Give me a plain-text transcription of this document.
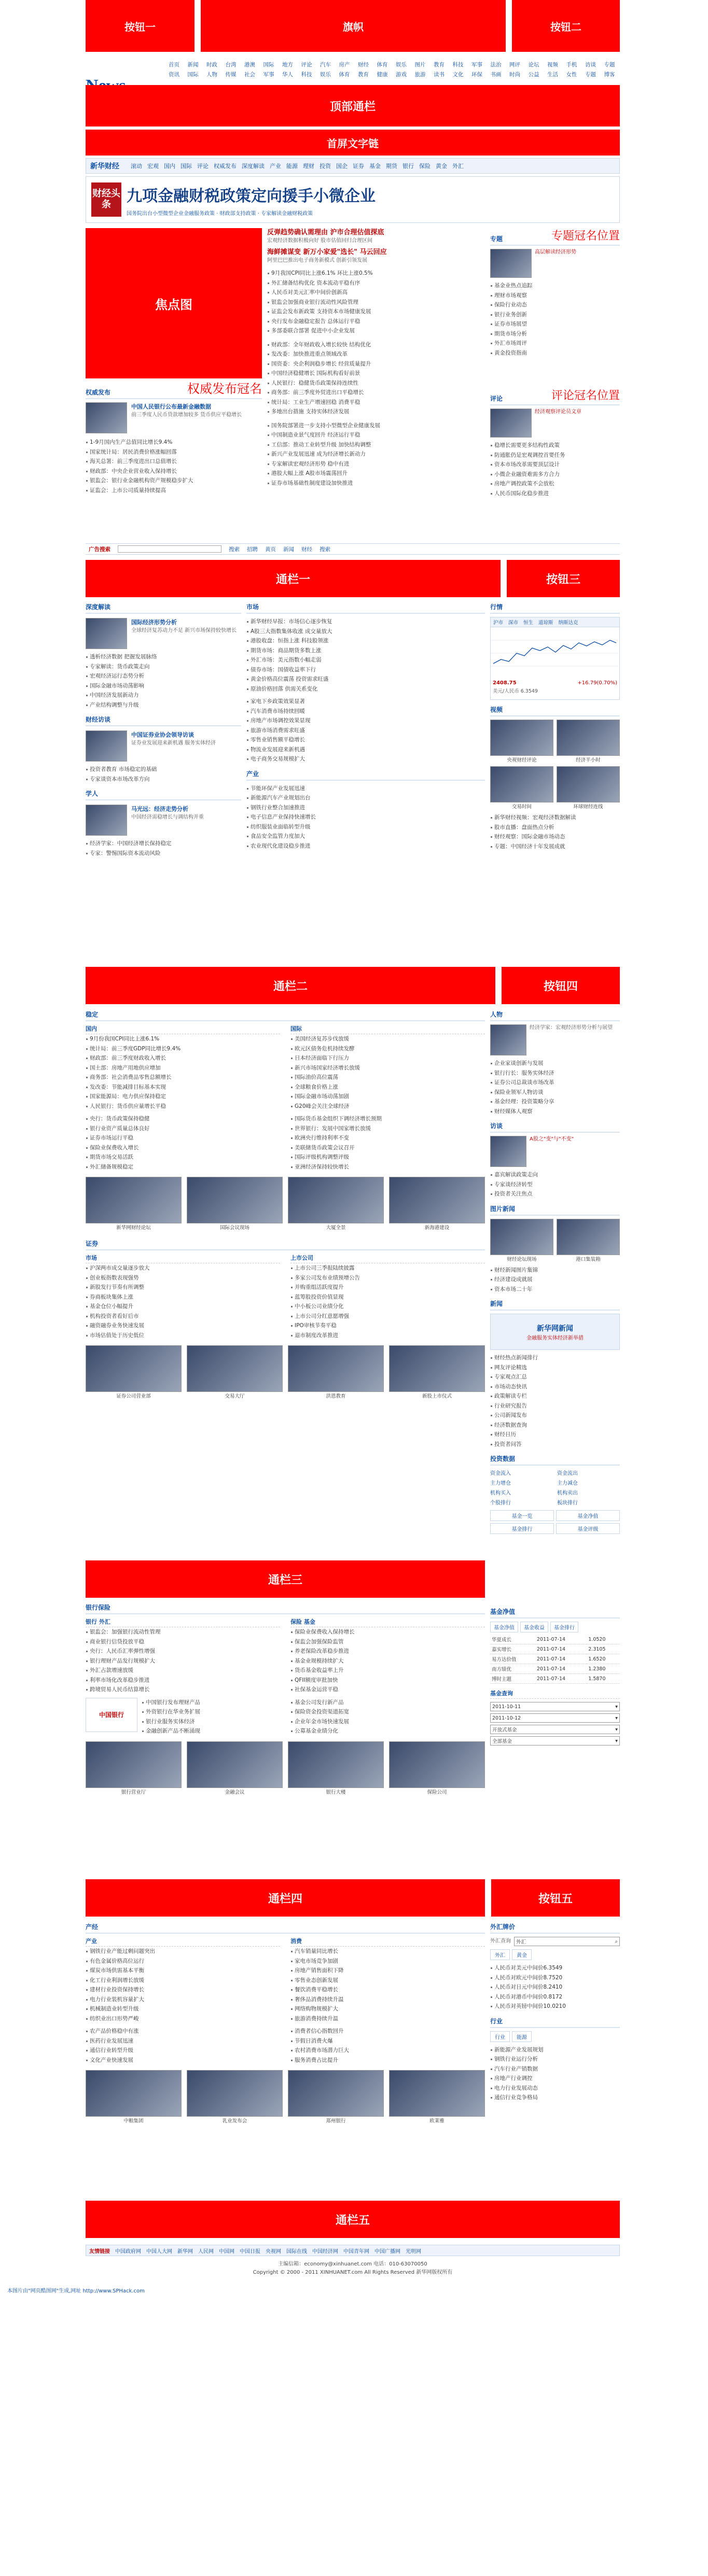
按钮一	旗帜	按钮二
首页	新闻	时政	台湾	港澳	国际	地方	评论	汽车	房产	财经	体育	娱乐	图片	教育	科技	军事	法治	网评	论坛	视频	手机	访谈	专题
资讯	国际	人物	传媒	社会	军事	华人	科技	娱乐	体育	教育	健康	游戏	旅游	读书	文化	环保	书画	时尚	公益	生活	女性	专题	博客
顶部通栏
首屏文字链
新华财经 滚动 宏观 国内 国际 评论 权威发布 深度解读 产业 能源 理财 投资 国企 证券 基金 期货 银行 保险 黄金 外汇
财经头条	九项金融财税政策定向援手小微企业
国务院出台小型微型企业金融服务政策 · 财政部支持政策 · 专家解读金融财税政策
焦点图
权威发布	权威发布冠名
中国人民银行公布最新金融数据
前三季度人民币贷款增加较多 货币供应平稳增长
1-9月国内生产总值同比增长9.4%
国家统计局：居民消费价格涨幅回落
海关总署：前三季度进出口总值增长
财政部：中央企业营业收入保持增长
银监会：银行业金融机构资产规模稳步扩大
证监会：上市公司质量持续提高
反弹趋势确认需理由 沪市合理估值探底
宏观经济数据积极向好 股市估值回归合理区间
海鲜摊谋变 新万小家爱"选长" 马云回应
阿里巴巴推出电子商务新模式 创新引领发展
9月我国CPI同比上涨6.1% 环比上涨0.5%
外汇储备结构优化 资本流动平稳有序
人民币对美元汇率中间价创新高
银监会加强商业银行流动性风险管理
证监会发布新政策 支持资本市场健康发展
央行发布金融稳定报告 总体运行平稳
多部委联合部署 促进中小企业发展
财政部：全年财政收入增长较快 结构优化
发改委：加快推进重点领域改革
国资委：央企利润稳步增长 经营质量提升
中国经济稳健增长 国际机构看好前景
人民银行：稳健货币政策保持连续性
商务部：前三季度外贸进出口平稳增长
统计局：工业生产增速回稳 消费平稳
多地出台措施 支持实体经济发展
国务院部署进一步支持小型微型企业健康发展
中国制造业景气度回升 经济运行平稳
工信部：推动工业转型升级 加快结构调整
新兴产业发展迅速 成为经济增长新动力
专家解读宏观经济形势 稳中有进
港股大幅上涨 A股市场震荡回升
证券市场基础性制度建设加快推进
专题	专题冠名位置
高层解读经济形势
基金业热点追踪
理财市场观察
保险行业动态
银行业务创新
证券市场展望
期货市场分析
外汇市场周评
黄金投资指南
评论	评论冠名位置
经济观察评论员文章
稳增长需要更多结构性政策
防通胀仍是宏观调控首要任务
资本市场改革需要顶层设计
小微企业融资难需多方合力
房地产调控政策不会放松
人民币国际化稳步推进
广告搜索	搜索 招聘 黄页 新闻 财经 搜索
通栏一	按钮三
深度解读
国际经济形势分析
全球经济复苏动力不足 新兴市场保持较快增长
透析经济数据 把握发展脉络
专家解读：货币政策走向
宏观经济运行态势分析
国际金融市场动荡影响
中国经济发展新动力
产业结构调整与升级
财经访谈
中国证券业协会领导访谈
证券业发展迎来新机遇 服务实体经济
投资者教育 市场稳定的基础
专家谈资本市场改革方向
学人
马光远：经济走势分析
中国经济需稳增长与调结构并重
经济学家：中国经济增长保持稳定
专家：警惕国际资本流动风险
市场
新华财经早报：市场信心逐步恢复
A股三大指数集体收涨 成交量放大
港股收盘：恒指上涨 科技股领涨
期货市场：商品期货多数上涨
外汇市场：美元指数小幅走弱
债券市场：国债收益率下行
黄金价格高位震荡 投资需求旺盛
原油价格回落 供需关系变化
家电下乡政策效果显著
汽车消费市场持续回暖
房地产市场调控效果显现
旅游市场消费需求旺盛
零售业销售额平稳增长
物流业发展迎来新机遇
电子商务交易规模扩大
产业
节能环保产业发展迅速
新能源汽车产业规划出台
钢铁行业整合加速推进
电子信息产业保持快速增长
纺织服装业面临转型升级
食品安全监管力度加大
农业现代化建设稳步推进
行情
沪市	深市	恒生	道琼斯	纳斯达克
2408.75	+16.79(0.70%)
美元/人民币 6.3549
视频
央视财经评论	经济半小时
交易时间	环球财经连线
新华财经视频：宏观经济数据解读
股市直播：盘面热点分析
财经观察：国际金融市场动态
专题：中国经济十年发展成就
通栏二	按钮四
稳定
国内
9月份我国CPI同比上涨6.1%
统计局：前三季度GDP同比增长9.4%
财政部：前三季度财政收入增长
国土部：房地产用地供应增加
商务部：社会消费品零售总额增长
发改委：节能减排目标基本实现
国家能源局：电力供应保持稳定
人民银行：货币供应量增长平稳
央行：货币政策保持稳健
银行业资产质量总体良好
证券市场运行平稳
保险业保费收入增长
期货市场交易活跃
外汇储备规模稳定
国际
美国经济复苏步伐放缓
欧元区债务危机持续发酵
日本经济面临下行压力
新兴市场国家经济增长放缓
国际油价高位震荡
全球粮食价格上涨
国际金融市场动荡加剧
G20峰会关注全球经济
国际货币基金组织下调经济增长预期
世界银行：发展中国家增长放缓
欧洲央行维持利率不变
美联储货币政策会议召开
国际评级机构调整评级
亚洲经济保持较快增长
新华网财经论坛	国际会议现场	大厦全景	新海港建设
证券
市场
沪深两市成交量逐步放大
创业板指数表现强势
新股发行节奏有所调整
券商板块集体上涨
基金仓位小幅提升
机构投资者看好后市
融资融券业务快速发展
市场估值处于历史低位
上市公司
上市公司三季报陆续披露
多家公司发布业绩预增公告
并购重组活跃度提升
蓝筹股投资价值显现
中小板公司业绩分化
上市公司分红意愿增强
IPO审核节奏平稳
退市制度改革推进
证券公司营业部	交易大厅	洪恩教育	新股上市仪式
人物
经济学家：宏观经济形势分析与展望
企业家谈创新与发展
银行行长：服务实体经济
证券公司总裁谈市场改革
保险业领军人物访谈
基金经理：投资策略分享
财经媒体人观察
访谈
A股之"变"与"不变"
嘉宾解读政策走向
专家谈经济转型
投资者关注焦点
图片新闻
财经论坛现场	港口集装箱
财经新闻图片集锦
经济建设成就展
资本市场二十年
新闻
新华网新闻
金融服务实体经济新举措
财经热点新闻排行
网友评论精选
专家观点汇总
市场动态快讯
政策解读专栏
行业研究报告
公司新闻发布
经济数据查询
财经日历
投资者问答
投资数据
资金流入	资金流出
主力增仓	主力减仓
机构买入	机构卖出
个股排行	板块排行
基金一览	基金净值
基金排行	基金评级
通栏三
银行保险
银行 外汇
银监会：加强银行流动性管理
商业银行信贷投放平稳
央行：人民币汇率弹性增强
银行理财产品发行规模扩大
外汇占款增速放缓
利率市场化改革稳步推进
跨境贸易人民币结算增长
中国银行
中国银行发布理财产品
外资银行在华业务扩展
银行业服务实体经济
金融创新产品不断涌现
保险 基金
保险业保费收入保持增长
保监会加强保险监管
养老保险改革稳步推进
基金业规模持续扩大
货币基金收益率上升
QFII额度审批加快
社保基金运营平稳
基金公司发行新产品
保险资金投资渠道拓宽
企业年金市场快速发展
公募基金业绩分化
银行营业厅	金融会议	银行大楼	保险公司
基金净值
基金净值	基金收益	基金排行
华夏成长	2011-07-14	1.0520
嘉实增长	2011-07-14	2.3105
易方达价值	2011-07-14	1.6520
南方绩优	2011-07-14	1.2380
博时主题	2011-07-14	1.5870
基金查询
2011-10-11	▾
2011-10-12	▾
开放式基金	▾
全部基金	▾
通栏四	按钮五
产经
产业
钢铁行业产能过剩问题突出
有色金属价格高位运行
煤炭市场供需基本平衡
化工行业利润增长放缓
建材行业投资保持增长
电力行业装机容量扩大
机械制造业转型升级
纺织业出口形势严峻
农产品价格稳中有涨
医药行业发展迅速
通信行业转型升级
文化产业快速发展
消费
汽车销量同比增长
家电市场竞争加剧
房地产销售面积下降
零售业态创新发展
餐饮消费平稳增长
奢侈品消费持续升温
网络购物规模扩大
旅游消费持续升温
消费者信心指数回升
节假日消费火爆
农村消费市场潜力巨大
服务消费占比提升
中粮集团	乳业发布会	郑州银行	欧莱雅
外汇牌价
外汇查询 外汇	⌕
外汇	黄金
人民币对美元中间价6.3549
人民币对欧元中间价8.7520
人民币对日元中间价8.2410
人民币对港币中间价0.8172
人民币对英镑中间价10.0210
行业
行业	能源
新能源产业发展规划
钢铁行业运行分析
汽车行业产销数据
房地产行业调控
电力行业发展动态
通信行业竞争格局
通栏五
友情链接 中国政府网 中国人大网 新华网 人民网 中国网 中国日报 央视网 国际在线 中国经济网 中国青年网 中国广播网 光明网
主编信箱：economy@xinhuanet.com 电话：010-63070050
Copyright © 2000 - 2011 XINHUANET.com All Rights Reserved 新华网版权所有
本图片由"网页酷图网"生成,网址 http://www.SPHack.com
